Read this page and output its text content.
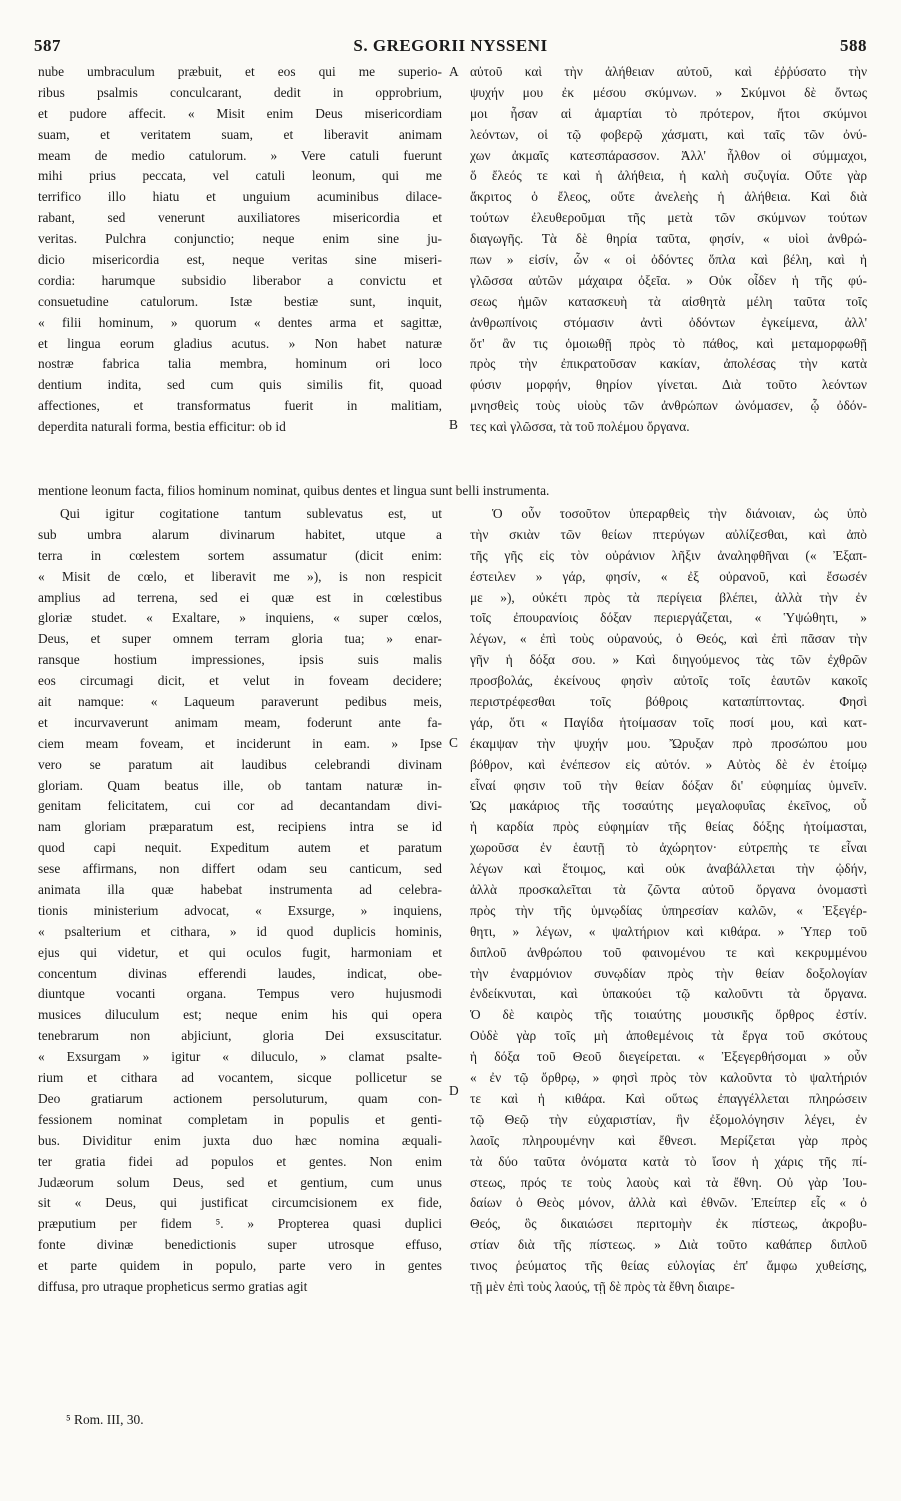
587	S. GREGORII NYSSENI	588
nube umbraculum præbuit, et eos qui me superio-
ribus psalmis conculcarant, dedit in opprobrium,
et pudore affecit. « Misit enim Deus misericordiam
suam, et veritatem suam, et liberavit animam
meam de medio catulorum. » Vere catuli fuerunt
mihi prius peccata, vel catuli leonum, qui me
terrifico illo hiatu et unguium acuminibus dilace-
rabant, sed venerunt auxiliatores misericordia et
veritas. Pulchra conjunctio; neque enim sine ju-
dicio misericordia est, neque veritas sine miseri-
cordia: harumque subsidio liberabor a convictu et
consuetudine catulorum. Istæ bestiæ sunt, inquit,
« filii hominum, » quorum « dentes arma et sagittæ,
et lingua eorum gladius acutus. » Non habet naturæ
nostræ fabrica talia membra, hominum ori loco
dentium indita, sed cum quis similis fit, quoad
affectiones, et transformatus fuerit in malitiam,
deperdita naturali forma, bestia efficitur: ob id
αὐτοῦ καὶ τὴν ἀλήθειαν αὐτοῦ, καὶ ἐῤῥύσατο τὴν
ψυχήν μου ἐκ μέσου σκύμνων. » Σκύμνοι δὲ ὄντως
μοι ἦσαν αἱ ἁμαρτίαι τὸ πρότερον, ἤτοι σκύμνοι
λεόντων, οἱ τῷ φοβερῷ χάσματι, καὶ ταῖς τῶν ὀνύ-
χων ἀκμαῖς κατεσπάρασσον. Ἀλλ' ἦλθον οἱ σύμμαχοι,
ὅ ἔλεός τε καὶ ἡ ἀλήθεια, ἡ καλὴ συζυγία. Οὔτε γὰρ
ἄκριτος ὁ ἔλεος, οὔτε ἀνελεὴς ἡ ἀλήθεια. Καὶ διὰ
τούτων ἐλευθεροῦμαι τῆς μετὰ τῶν σκύμνων τούτων
διαγωγῆς. Τὰ δὲ θηρία ταῦτα, φησίν, « υἱοὶ ἀνθρώ-
πων » εἰσίν, ὧν « οἱ ὀδόντες ὅπλα καὶ βέλη, καὶ ἡ
γλῶσσα αὐτῶν μάχαιρα ὀξεῖα. » Οὐκ οἶδεν ἡ τῆς φύ-
σεως ἡμῶν κατασκευὴ τὰ αἰσθητὰ μέλη ταῦτα τοῖς
ἀνθρωπίνοις στόμασιν ἀντὶ ὀδόντων ἐγκείμενα, ἀλλ'
ὅτ' ἂν τις ὁμοιωθῇ πρὸς τὸ πάθος, καὶ μεταμορφωθῇ
πρὸς τὴν ἐπικρατοῦσαν κακίαν, ἀπολέσας τὴν κατὰ
φύσιν μορφήν, θηρίον γίνεται. Διὰ τοῦτο λεόντων
μνησθεὶς τοὺς υἱοὺς τῶν ἀνθρώπων ὠνόμασεν, ᾧ ὀδόν-
τες καὶ γλῶσσα, τὰ τοῦ πολέμου ὄργανα.
mentione leonum facta, filios hominum nominat, quibus dentes et lingua sunt belli instrumenta.
Qui igitur cogitatione tantum sublevatus est, ut
sub umbra alarum divinarum habitet, utque a
terra in cœlestem sortem assumatur (dicit enim:
« Misit de cœlo, et liberavit me »), is non respicit
amplius ad terrena, sed ei quæ est in cœlestibus
gloriæ studet. « Exaltare, » inquiens, « super cœlos,
Deus, et super omnem terram gloria tua; » enar-
ransque hostium impressiones, ipsis suis malis
eos circumagi dicit, et velut in foveam decidere;
ait namque: « Laqueum paraverunt pedibus meis,
et incurvaverunt animam meam, foderunt ante fa-
ciem meam foveam, et inciderunt in eam. » Ipse
vero se paratum ait laudibus celebrandi divinam
gloriam. Quam beatus ille, ob tantam naturæ in-
genitam felicitatem, cui cor ad decantandam divi-
nam gloriam præparatum est, recipiens intra se id
quod capi nequit. Expeditum autem et paratum
sese affirmans, non differt odam seu canticum, sed
animata illa quæ habebat instrumenta ad celebra-
tionis ministerium advocat, « Exsurge, » inquiens,
« psalterium et cithara, » id quod duplicis hominis,
ejus qui videtur, et qui oculos fugit, harmoniam et
concentum divinas efferendi laudes, indicat, obe-
diuntque vocanti organa. Tempus vero hujusmodi
musices diluculum est; neque enim his qui opera
tenebrarum non abjiciunt, gloria Dei exsuscitatur.
« Exsurgam » igitur « diluculo, » clamat psalte-
rium et cithara ad vocantem, sicque pollicetur se
Deo gratiarum actionem persoluturum, quam con-
fessionem nominat completam in populis et genti-
bus. Dividitur enim juxta duo hæc nomina æquali-
ter gratia fidei ad populos et gentes. Non enim
Judæorum solum Deus, sed et gentium, cum unus
sit « Deus, qui justificat circumcisionem ex fide,
præputium per fidem ⁵. » Propterea quasi duplici
fonte divinæ benedictionis super utrosque effuso,
et parte quidem in populo, parte vero in gentes
diffusa, pro utraque propheticus sermo gratias agit
Ὁ οὖν τοσοῦτον ὑπεραρθεὶς τὴν διάνοιαν, ὡς ὑπὸ
τὴν σκιὰν τῶν θείων πτερύγων αὐλίζεσθαι, καὶ ἀπὸ
τῆς γῆς εἰς τὸν οὐράνιον λῆξιν ἀναληφθῆναι (« Ἐξαπ-
έστειλεν » γάρ, φησίν, « ἐξ οὐρανοῦ, καὶ ἔσωσέν
με »), οὐκέτι πρὸς τὰ περίγεια βλέπει, ἀλλὰ τὴν ἐν
τοῖς ἐπουρανίοις δόξαν περιεργάζεται, « Ὑψώθητι, »
λέγων, « ἐπὶ τοὺς οὐρανούς, ὁ Θεός, καὶ ἐπὶ πᾶσαν τὴν
γῆν ἡ δόξα σου. » Καὶ διηγούμενος τὰς τῶν ἐχθρῶν
προσβολάς, ἐκείνους φησὶν αὐτοῖς τοῖς ἑαυτῶν κακοῖς
περιστρέφεσθαι τοῖς βόθροις καταπίπτοντας. Φησὶ
γάρ, ὅτι « Παγίδα ἡτοίμασαν τοῖς ποσί μου, καὶ κατ-
έκαμψαν τὴν ψυχήν μου. Ὤρυξαν πρὸ προσώπου μου
βόθρον, καὶ ἐνέπεσον εἰς αὐτόν. » Αὐτὸς δὲ ἐν ἑτοίμῳ
εἶναί φησιν τοῦ τὴν θείαν δόξαν δι' εὐφημίας ὑμνεῖν.
Ὡς μακάριος τῆς τοσαύτης μεγαλοφυΐας ἐκεῖνος, οὗ
ἡ καρδία πρὸς εὐφημίαν τῆς θείας δόξης ἡτοίμασται,
χωροῦσα ἐν ἑαυτῇ τὸ ἀχώρητον· εὐτρεπὴς τε εἶναι
λέγων καὶ ἕτοιμος, καὶ οὐκ ἀναβάλλεται τὴν ᾠδήν,
ἀλλὰ προσκαλεῖται τὰ ζῶντα αὐτοῦ ὄργανα ὀνομαστὶ
πρὸς τὴν τῆς ὑμνῳδίας ὑπηρεσίαν καλῶν, « Ἐξεγέρ-
θητι, » λέγων, « ψαλτήριον καὶ κιθάρα. » Ὑπερ τοῦ
διπλοῦ ἀνθρώπου τοῦ φαινομένου τε καὶ κεκρυμμένου
τὴν ἐναρμόνιον συνῳδίαν πρὸς τὴν θείαν δοξολογίαν
ἐνδείκνυται, καὶ ὑπακούει τῷ καλοῦντι τὰ ὄργανα.
Ὁ δὲ καιρὸς τῆς τοιαύτης μουσικῆς ὄρθρος ἐστίν.
Οὐδὲ γὰρ τοῖς μὴ ἀποθεμένοις τὰ ἔργα τοῦ σκότους
ἡ δόξα τοῦ Θεοῦ διεγείρεται. « Ἐξεγερθήσομαι » οὖν
« ἐν τῷ ὄρθρῳ, » φησὶ πρὸς τὸν καλοῦντα τὸ ψαλτήριόν
τε καὶ ἡ κιθάρα. Καὶ οὕτως ἐπαγγέλλεται πληρώσειν
τῷ Θεῷ τὴν εὐχαριστίαν, ἣν ἐξομολόγησιν λέγει, ἐν
λαοῖς πληρουμένην καὶ ἔθνεσι. Μερίζεται γὰρ πρὸς
τὰ δύο ταῦτα ὀνόματα κατὰ τὸ ἴσον ἡ χάρις τῆς πί-
στεως, πρός τε τοὺς λαοὺς καὶ τὰ ἔθνη. Οὐ γὰρ Ἰου-
δαίων ὁ Θεὸς μόνον, ἀλλὰ καὶ ἐθνῶν. Ἐπείπερ εἷς « ὁ
Θεός, ὃς δικαιώσει περιτομὴν ἐκ πίστεως, ἀκροβυ-
στίαν διὰ τῆς πίστεως. » Διὰ τοῦτο καθάπερ διπλοῦ
τινος ῥεύματος τῆς θείας εὐλογίας ἐπ' ἄμφω χυθείσης,
τῇ μὲν ἐπὶ τοὺς λαούς, τῇ δὲ πρὸς τὰ ἔθνη διαιρε-
A
B
C
D
⁵ Rom. III, 30.
